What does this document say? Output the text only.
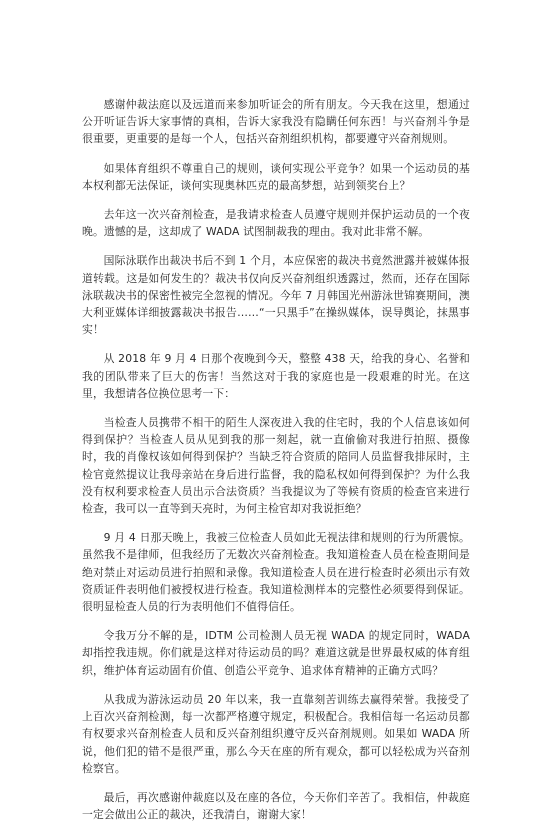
感谢仲裁法庭以及远道而来参加听证会的所有朋友。今天我在这里，想通过公开听证告诉大家事情的真相，告诉大家我没有隐瞒任何东西！与兴奋剂斗争是很重要，更重要的是每一个人，包括兴奋剂组织机构，都要遵守兴奋剂规则。

如果体育组织不尊重自己的规则，谈何实现公平竞争？如果一个运动员的基本权利都无法保证，谈何实现奥林匹克的最高梦想，站到领奖台上？

去年这一次兴奋剂检查，是我请求检查人员遵守规则并保护运动员的一个夜晚。遗憾的是，这却成了 WADA 试图制裁我的理由。我对此非常不解。

国际泳联作出裁决书后不到 1 个月，本应保密的裁决书竟然泄露并被媒体报道转载。这是如何发生的？裁决书仅向反兴奋剂组织透露过，然而，还存在国际泳联裁决书的保密性被完全忽视的情况。今年 7 月韩国光州游泳世锦赛期间，澳大利亚媒体详细披露裁决书报告……“一只黑手”在操纵媒体，误导舆论，抹黑事实！

从 2018 年 9 月 4 日那个夜晚到今天，整整 438 天，给我的身心、名誉和我的团队带来了巨大的伤害！当然这对于我的家庭也是一段艰难的时光。在这里，我想请各位换位思考一下：

当检查人员携带不相干的陌生人深夜进入我的住宅时，我的个人信息该如何得到保护？当检查人员从见到我的那一刻起，就一直偷偷对我进行拍照、摄像时，我的肖像权该如何得到保护？当缺乏符合资质的陪同人员监督我排尿时，主检官竟然提议让我母亲站在身后进行监督，我的隐私权如何得到保护？为什么我没有权利要求检查人员出示合法资质？当我提议为了等候有资质的检查官来进行检查，我可以一直等到天亮时，为何主检官却对我说拒绝？

9 月 4 日那天晚上，我被三位检查人员如此无视法律和规则的行为所震惊。虽然我不是律师，但我经历了无数次兴奋剂检查。我知道检查人员在检查期间是绝对禁止对运动员进行拍照和录像。我知道检查人员在进行检查时必须出示有效资质证件表明他们被授权进行检查。我知道检测样本的完整性必须要得到保证。很明显检查人员的行为表明他们不值得信任。

令我万分不解的是，IDTM 公司检测人员无视 WADA 的规定同时，WADA 却指控我违规。你们就是这样对待运动员的吗？难道这就是世界最权威的体育组织，维护体育运动固有价值、创造公平竞争、追求体育精神的正确方式吗？

从我成为游泳运动员 20 年以来，我一直靠刻苦训练去赢得荣誉。我接受了上百次兴奋剂检测，每一次都严格遵守规定，积极配合。我相信每一名运动员都有权要求兴奋剂检查人员和反兴奋剂组织遵守反兴奋剂规则。如果如 WADA 所说，他们犯的错不是很严重，那么今天在座的所有观众，都可以轻松成为兴奋剂检察官。

最后，再次感谢仲裁庭以及在座的各位，今天你们辛苦了。我相信，仲裁庭一定会做出公正的裁决，还我清白，谢谢大家！
